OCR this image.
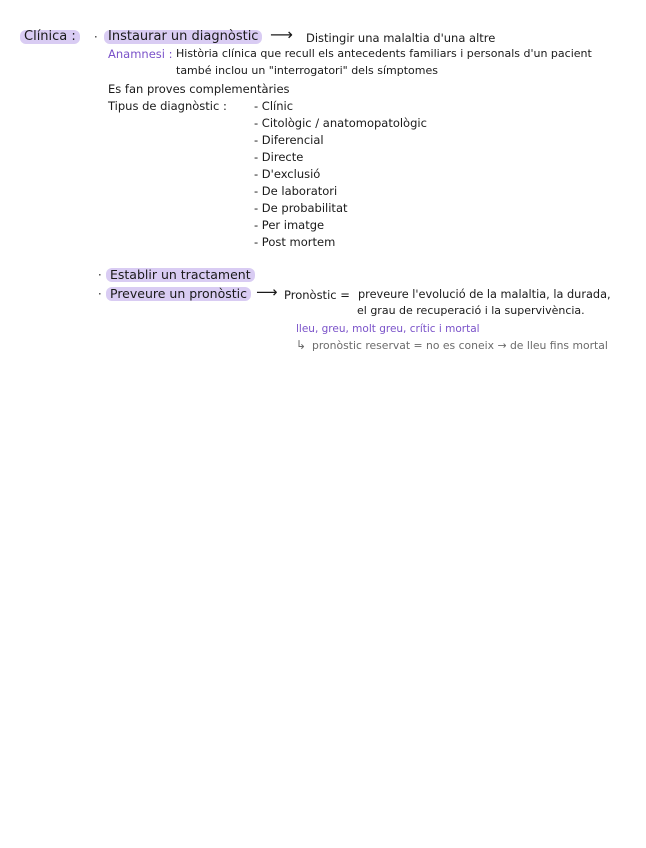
Clínica :	· Instaurar un diagnòstic ⟶ Distingir una malaltia d'una altre
Anamnesi : Història clínica que recull els antecedents familiars i personals d'un pacient
també inclou un "interrogatori" dels símptomes
Es fan proves complementàries
Tipus de diagnòstic : - Clínic
- Citològic / anatomopatològic
- Diferencial
- Directe
- D'exclusió
- De laboratori
- De probabilitat
- Per imatge
- Post mortem
· Establir un tractament
· Preveure un pronòstic ⟶ Pronòstic = preveure l'evolució de la malaltia, la durada,
el grau de recuperació i la supervivència.
lleu, greu, molt greu, crític i mortal
↳ pronòstic reservat = no es coneix → de lleu fins mortal
